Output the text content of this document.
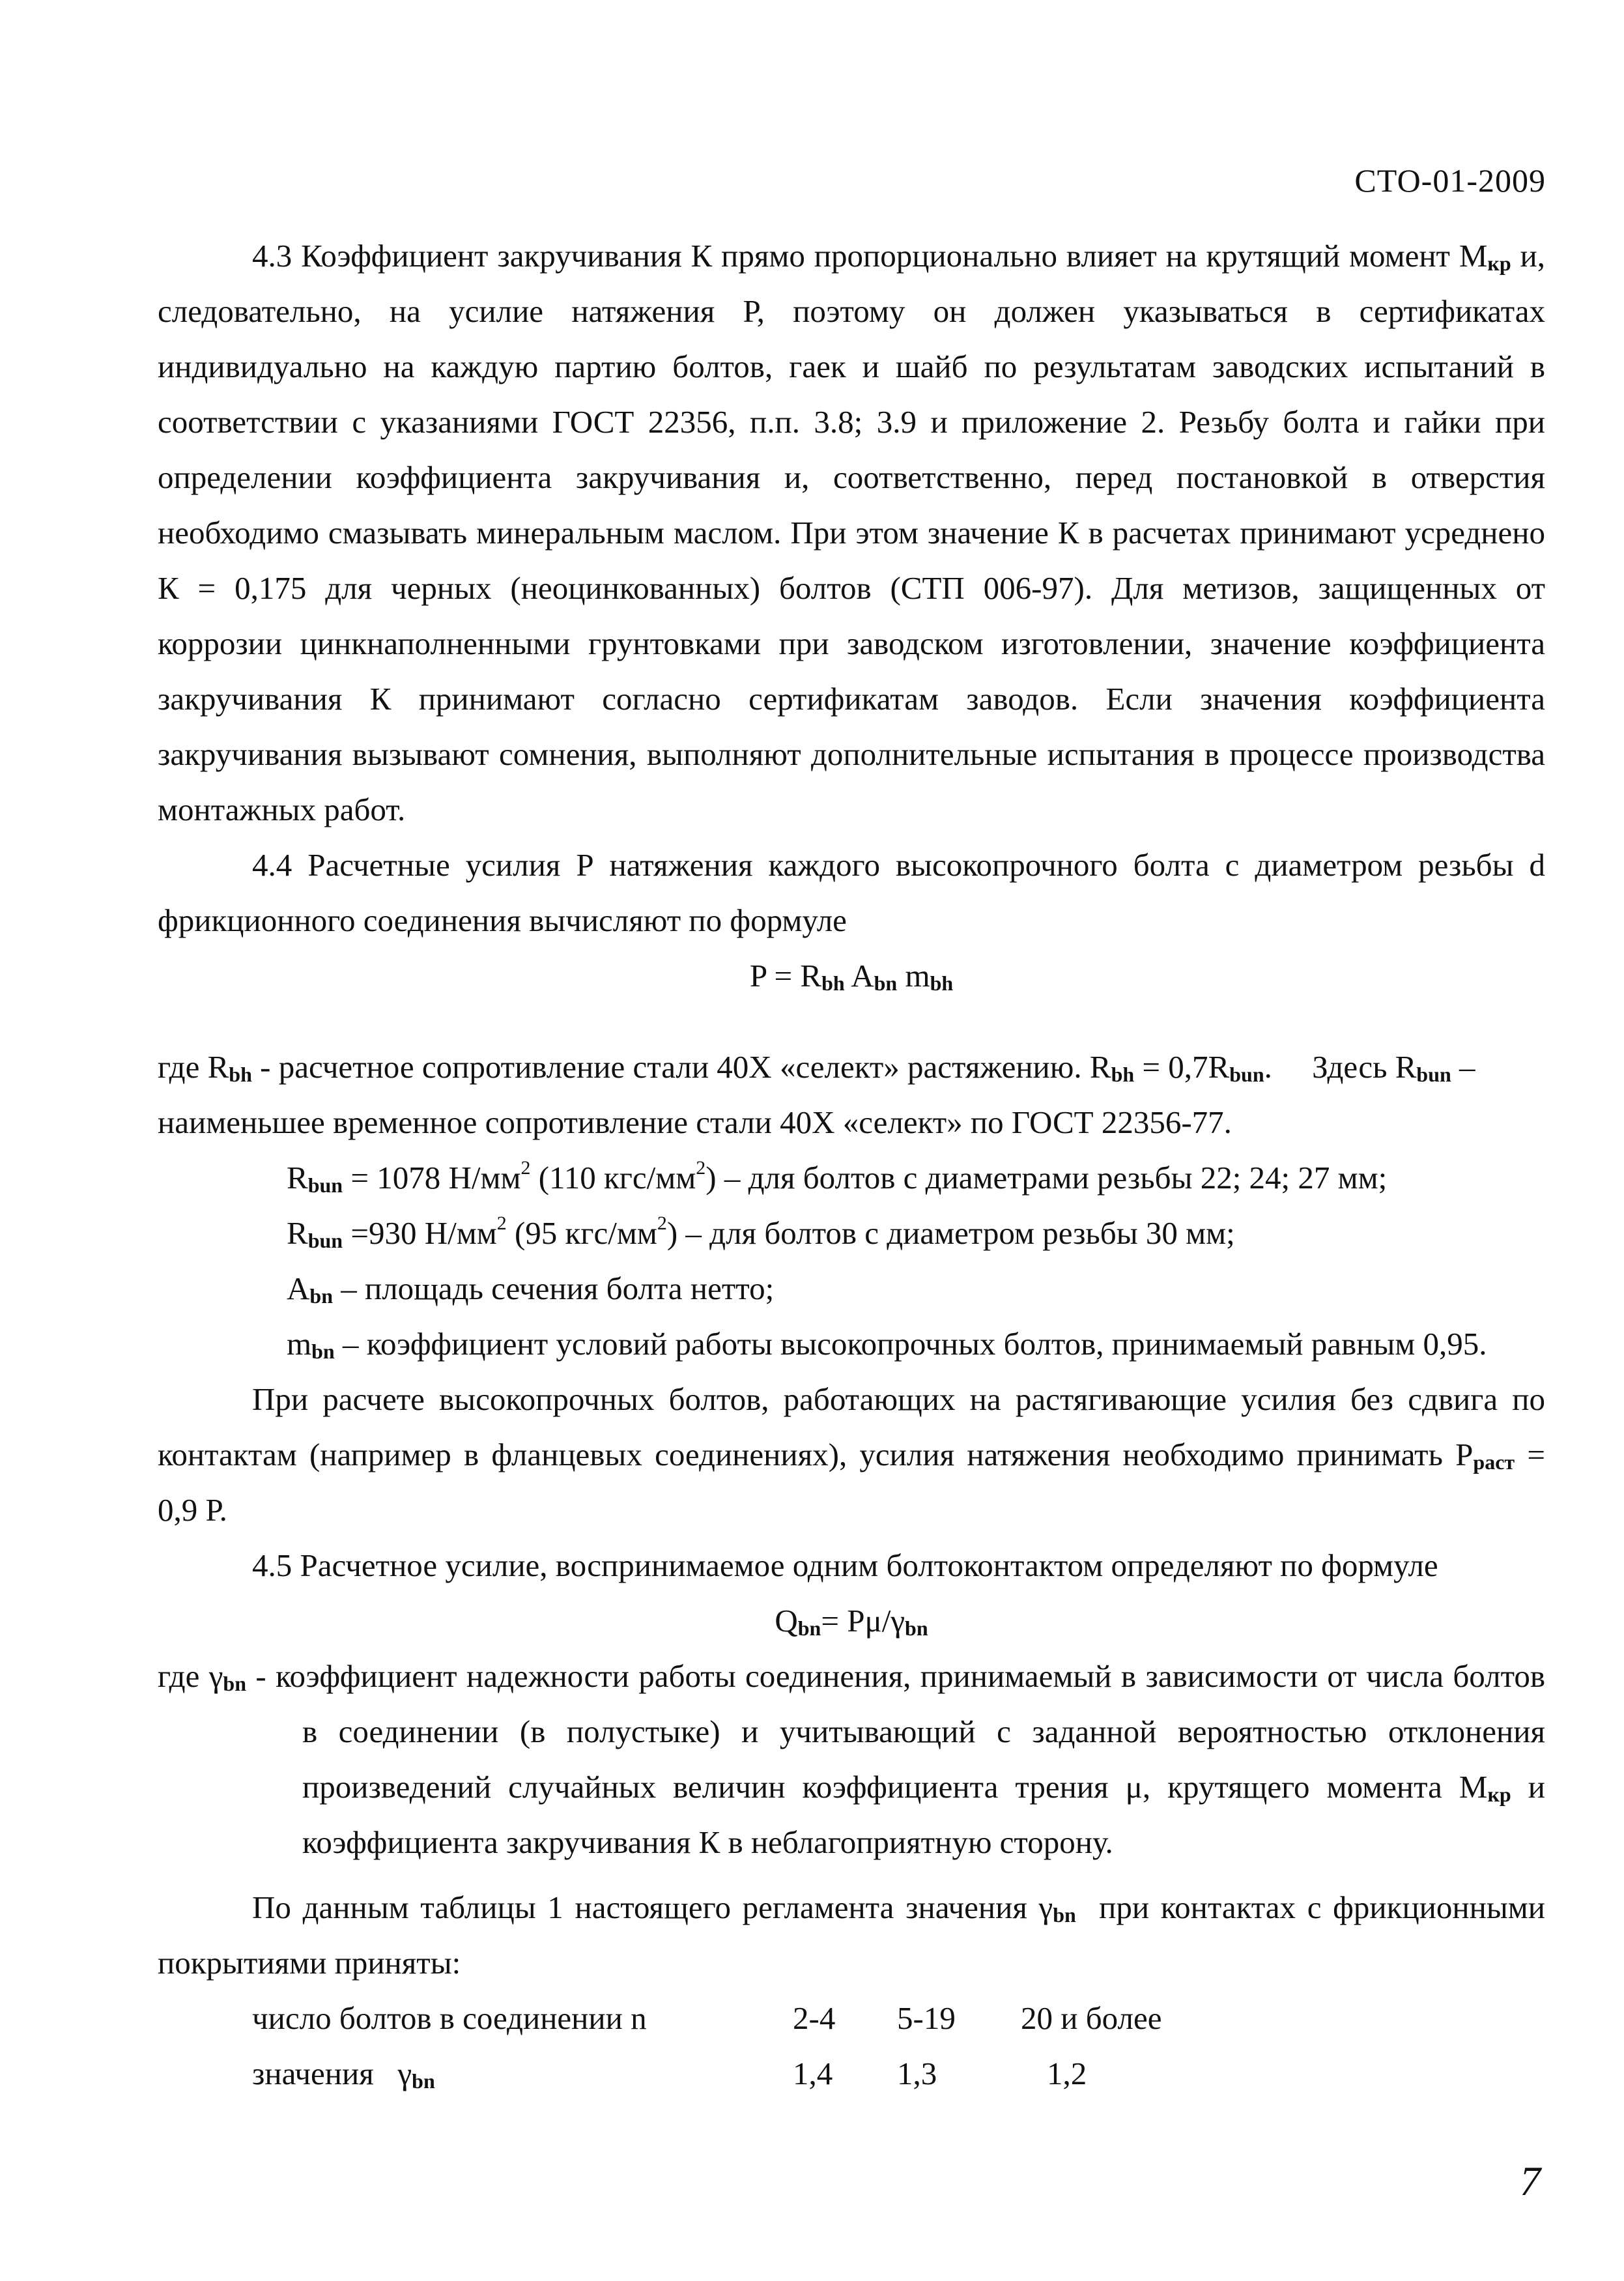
СТО-01-2009

4.3 Коэффициент закручивания К прямо пропорционально влияет на крутящий момент $M_{кр}$ и, следовательно, на усилие натяжения Р, поэтому он должен указываться в сертификатах индивидуально на каждую партию болтов, гаек и шайб по результатам заводских испытаний в соответствии с указаниями ГОСТ 22356, п.п. 3.8; 3.9 и приложение 2. Резьбу болта и гайки при определении коэффициента закручивания и, соответственно, перед постановкой в отверстия необходимо смазывать минеральным маслом. При этом значение К в расчетах принимают усреднено К = 0,175 для черных (неоцинкованных) болтов (СТП 006-97). Для метизов, защищенных от коррозии цинкнаполненными грунтовками при заводском изготовлении, значение коэффициента закручивания К принимают согласно сертификатам заводов. Если значения коэффициента закручивания вызывают сомнения, выполняют дополнительные испытания в процессе производства монтажных работ.

4.4 Расчетные усилия Р натяжения каждого высокопрочного болта с диаметром резьбы d фрикционного соединения вычисляют по формуле

$P = R_{bh}$ $A_{bn}$ $m_{bh}$

где $R_{bh}$ - расчетное сопротивление стали 40Х «селект» растяжению. $R_{bh} = 0,7R_{bun}$.     Здесь $R_{bun}$ –

наименьшее временное сопротивление стали 40Х «селект» по ГОСТ 22356-77.

$R_{bun} = 1078$ $Н/мм^2$ (110 кгс/$мм^2$) – для болтов с диаметрами резьбы 22; 24; 27 мм;

$R_{bun} =930$ $Н/мм^2$ (95 кгс/$мм^2$) – для болтов с диаметром резьбы 30 мм;

$A_{bn}$ – площадь сечения болта нетто;

$m_{bn}$ – коэффициент условий работы высокопрочных болтов, принимаемый равным 0,95.

При расчете высокопрочных болтов, работающих на растягивающие усилия без сдвига по контактам (например в фланцевых соединениях), усилия натяжения необходимо принимать $P_{раст} = 0,9$ Р.

4.5 Расчетное усилие, воспринимаемое одним болтоконтактом определяют по формуле

$Q_{bn}= P\mu/\gamma_{bn}$

где $\gamma_{bn}$ - коэффициент надежности работы соединения, принимаемый в зависимости от числа болтов в соединении (в полустыке) и учитывающий с заданной вероятностью отклонения произведений случайных величин коэффициента трения μ, крутящего момента $M_{кр}$ и коэффициента закручивания К в неблагоприятную сторону.

По данным таблицы 1 настоящего регламента значения $\gamma_{bn}$  при контактах с фрикционными покрытиями приняты:

число болтов в соединении n	2-4	5-19	20 и более
значения   $\gamma_{bn}$	1,4	1,3	1,2
7
